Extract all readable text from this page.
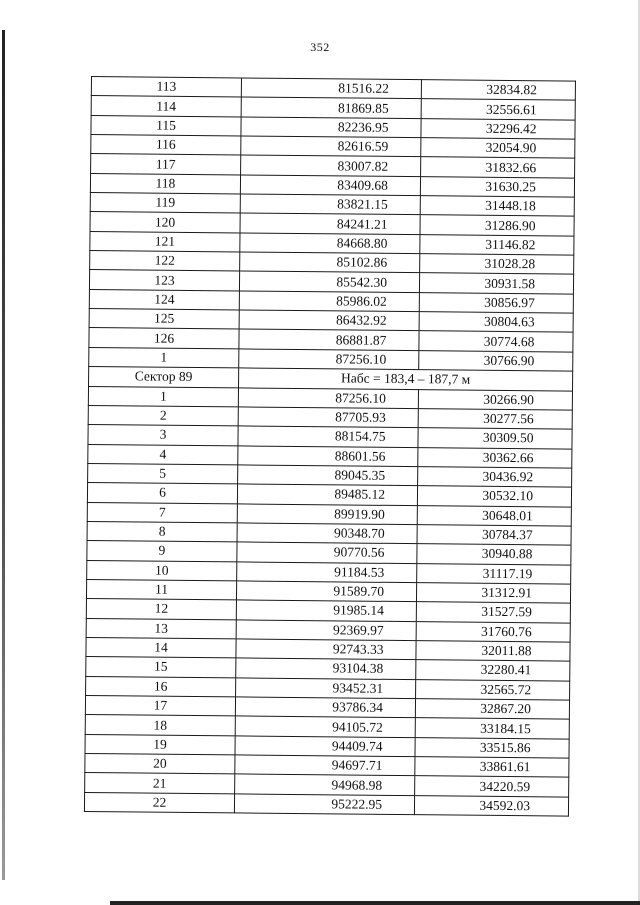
352
113	81516.22	32834.82
114	81869.85	32556.61
115	82236.95	32296.42
116	82616.59	32054.90
117	83007.82	31832.66
118	83409.68	31630.25
119	83821.15	31448.18
120	84241.21	31286.90
121	84668.80	31146.82
122	85102.86	31028.28
123	85542.30	30931.58
124	85986.02	30856.97
125	86432.92	30804.63
126	86881.87	30774.68
1	87256.10	30766.90
Сектор 89	Набс = 183,4 – 187,7 м	
1	87256.10	30266.90
2	87705.93	30277.56
3	88154.75	30309.50
4	88601.56	30362.66
5	89045.35	30436.92
6	89485.12	30532.10
7	89919.90	30648.01
8	90348.70	30784.37
9	90770.56	30940.88
10	91184.53	31117.19
11	91589.70	31312.91
12	91985.14	31527.59
13	92369.97	31760.76
14	92743.33	32011.88
15	93104.38	32280.41
16	93452.31	32565.72
17	93786.34	32867.20
18	94105.72	33184.15
19	94409.74	33515.86
20	94697.71	33861.61
21	94968.98	34220.59
22	95222.95	34592.03
